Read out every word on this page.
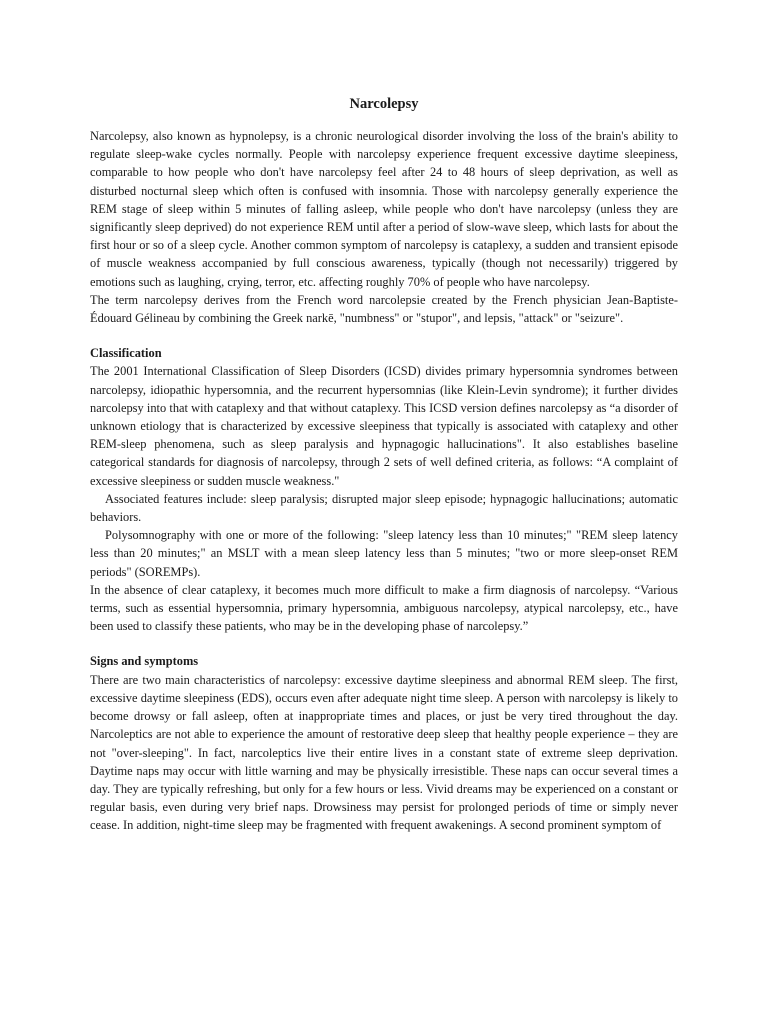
Narcolepsy

Narcolepsy, also known as hypnolepsy, is a chronic neurological disorder involving the loss of the brain's ability to regulate sleep-wake cycles normally. People with narcolepsy experience frequent excessive daytime sleepiness, comparable to how people who don't have narcolepsy feel after 24 to 48 hours of sleep deprivation, as well as disturbed nocturnal sleep which often is confused with insomnia. Those with narcolepsy generally experience the REM stage of sleep within 5 minutes of falling asleep, while people who don't have narcolepsy (unless they are significantly sleep deprived) do not experience REM until after a period of slow-wave sleep, which lasts for about the first hour or so of a sleep cycle. Another common symptom of narcolepsy is cataplexy, a sudden and transient episode of muscle weakness accompanied by full conscious awareness, typically (though not necessarily) triggered by emotions such as laughing, crying, terror, etc. affecting roughly 70% of people who have narcolepsy.

The term narcolepsy derives from the French word narcolepsie created by the French physician Jean-Baptiste-Édouard Gélineau by combining the Greek narkē, "numbness" or "stupor", and lepsis, "attack" or "seizure".

Classification

The 2001 International Classification of Sleep Disorders (ICSD) divides primary hypersomnia syndromes between narcolepsy, idiopathic hypersomnia, and the recurrent hypersomnias (like Klein-Levin syndrome); it further divides narcolepsy into that with cataplexy and that without cataplexy. This ICSD version defines narcolepsy as “a disorder of unknown etiology that is characterized by excessive sleepiness that typically is associated with cataplexy and other REM-sleep phenomena, such as sleep paralysis and hypnagogic hallucinations". It also establishes baseline categorical standards for diagnosis of narcolepsy, through 2 sets of well defined criteria, as follows: “A complaint of excessive sleepiness or sudden muscle weakness."

Associated features include: sleep paralysis; disrupted major sleep episode; hypnagogic hallucinations; automatic behaviors.

Polysomnography with one or more of the following: "sleep latency less than 10 minutes;" "REM sleep latency less than 20 minutes;" an MSLT with a mean sleep latency less than 5 minutes; "two or more sleep-onset REM periods" (SOREMPs).

In the absence of clear cataplexy, it becomes much more difficult to make a firm diagnosis of narcolepsy. “Various terms, such as essential hypersomnia, primary hypersomnia, ambiguous narcolepsy, atypical narcolepsy, etc., have been used to classify these patients, who may be in the developing phase of narcolepsy.”

Signs and symptoms

There are two main characteristics of narcolepsy: excessive daytime sleepiness and abnormal REM sleep. The first, excessive daytime sleepiness (EDS), occurs even after adequate night time sleep. A person with narcolepsy is likely to become drowsy or fall asleep, often at inappropriate times and places, or just be very tired throughout the day. Narcoleptics are not able to experience the amount of restorative deep sleep that healthy people experience – they are not "over-sleeping". In fact, narcoleptics live their entire lives in a constant state of extreme sleep deprivation. Daytime naps may occur with little warning and may be physically irresistible. These naps can occur several times a day. They are typically refreshing, but only for a few hours or less. Vivid dreams may be experienced on a constant or regular basis, even during very brief naps. Drowsiness may persist for prolonged periods of time or simply never cease. In addition, night-time sleep may be fragmented with frequent awakenings. A second prominent symptom of
